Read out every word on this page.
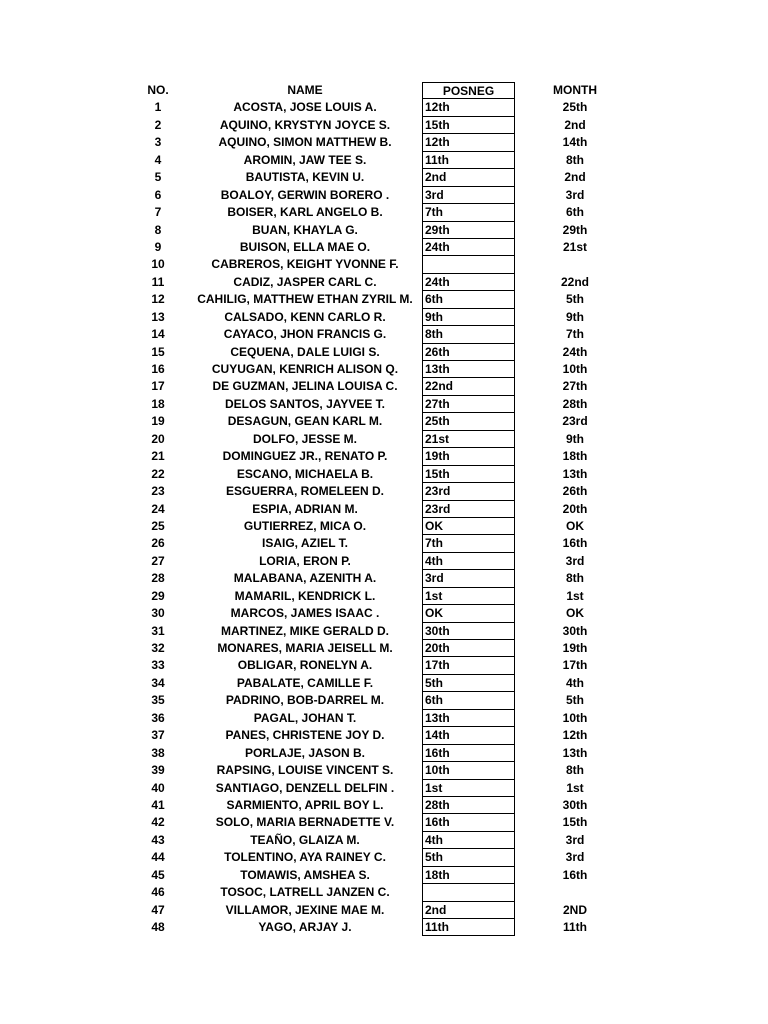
NO.	NAME	POSNEG	MONTH
1	ACOSTA, JOSE LOUIS A.	12th	25th
2	AQUINO, KRYSTYN JOYCE S.	15th	2nd
3	AQUINO, SIMON MATTHEW B.	12th	14th
4	AROMIN, JAW TEE S.	11th	8th
5	BAUTISTA, KEVIN U.	2nd	2nd
6	BOALOY, GERWIN BORERO .	3rd	3rd
7	BOISER, KARL ANGELO B.	7th	6th
8	BUAN, KHAYLA G.	29th	29th
9	BUISON, ELLA MAE O.	24th	21st
10	CABREROS, KEIGHT YVONNE F.
11	CADIZ, JASPER CARL C.	24th	22nd
12	CAHILIG, MATTHEW ETHAN ZYRIL M.	6th	5th
13	CALSADO, KENN CARLO R.	9th	9th
14	CAYACO, JHON FRANCIS G.	8th	7th
15	CEQUENA, DALE LUIGI S.	26th	24th
16	CUYUGAN, KENRICH ALISON Q.	13th	10th
17	DE GUZMAN, JELINA LOUISA C.	22nd	27th
18	DELOS SANTOS, JAYVEE T.	27th	28th
19	DESAGUN, GEAN KARL M.	25th	23rd
20	DOLFO, JESSE M.	21st	9th
21	DOMINGUEZ JR., RENATO P.	19th	18th
22	ESCANO, MICHAELA B.	15th	13th
23	ESGUERRA, ROMELEEN D.	23rd	26th
24	ESPIA, ADRIAN M.	23rd	20th
25	GUTIERREZ, MICA O.	OK	OK
26	ISAIG, AZIEL T.	7th	16th
27	LORIA, ERON P.	4th	3rd
28	MALABANA, AZENITH A.	3rd	8th
29	MAMARIL, KENDRICK L.	1st	1st
30	MARCOS, JAMES ISAAC .	OK	OK
31	MARTINEZ, MIKE GERALD D.	30th	30th
32	MONARES, MARIA JEISELL M.	20th	19th
33	OBLIGAR, RONELYN A.	17th	17th
34	PABALATE, CAMILLE F.	5th	4th
35	PADRINO, BOB-DARREL M.	6th	5th
36	PAGAL, JOHAN T.	13th	10th
37	PANES, CHRISTENE JOY D.	14th	12th
38	PORLAJE, JASON B.	16th	13th
39	RAPSING, LOUISE VINCENT S.	10th	8th
40	SANTIAGO, DENZELL DELFIN .	1st	1st
41	SARMIENTO, APRIL BOY L.	28th	30th
42	SOLO, MARIA BERNADETTE V.	16th	15th
43	TEAÑO, GLAIZA M.	4th	3rd
44	TOLENTINO, AYA RAINEY C.	5th	3rd
45	TOMAWIS, AMSHEA S.	18th	16th
46	TOSOC, LATRELL JANZEN C.
47	VILLAMOR, JEXINE MAE M.	2nd	2ND
48	YAGO, ARJAY J.	11th	11th
